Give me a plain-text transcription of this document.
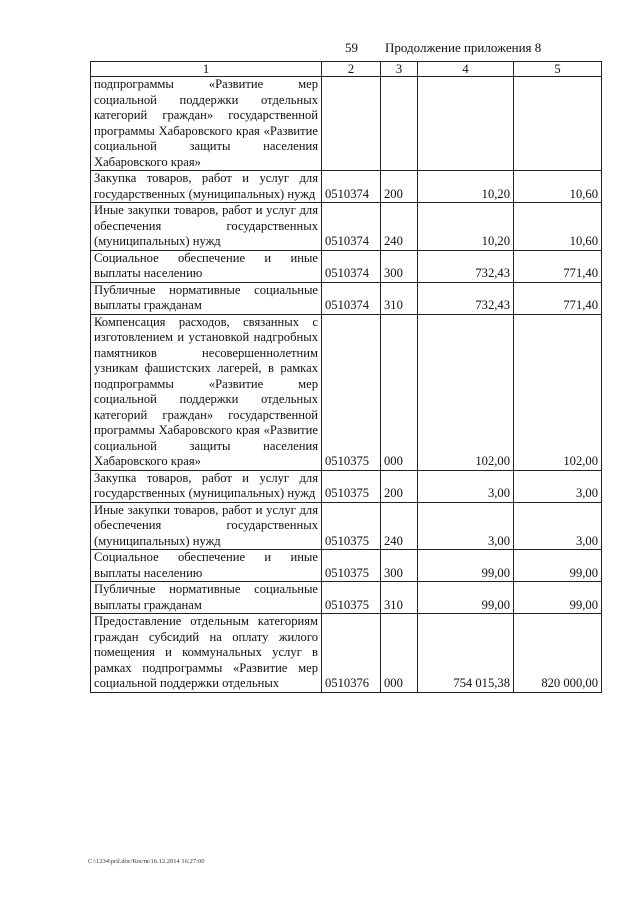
59 Продолжение приложения 8
1	2	3	4	5
подпрограммы «Развитие мер социальной поддержки отдельных категорий граждан» государственной программы Хабаровского края «Развитие социальной защиты населения Хабаровского края»				
Закупка товаров, работ и услуг для государственных (муниципальных) нужд	0510374	200	10,20	10,60
Иные закупки товаров, работ и услуг для обеспечения государственных (муниципальных) нужд	0510374	240	10,20	10,60
Социальное обеспечение и иные выплаты населению	0510374	300	732,43	771,40
Публичные нормативные социальные выплаты гражданам	0510374	310	732,43	771,40
Компенсация расходов, связанных с изготовлением и установкой надгробных памятников несовершеннолетним узникам фашистских лагерей, в рамках подпрограммы «Развитие мер социальной поддержки отдельных категорий граждан» государственной программы Хабаровского края «Развитие социальной защиты населения Хабаровского края»	0510375	000	102,00	102,00
Закупка товаров, работ и услуг для государственных (муниципальных) нужд	0510375	200	3,00	3,00
Иные закупки товаров, работ и услуг для обеспечения государственных (муниципальных) нужд	0510375	240	3,00	3,00
Социальное обеспечение и иные выплаты населению	0510375	300	99,00	99,00
Публичные нормативные социальные выплаты гражданам	0510375	310	99,00	99,00
Предоставление отдельным категориям граждан субсидий на оплату жилого помещения и коммунальных услуг в рамках подпрограммы «Развитие мер социальной поддержки отдельных	0510376	000	754 015,38	820 000,00
C:\1234\pril.doc/Костя/16.12.2014 16:27:00
